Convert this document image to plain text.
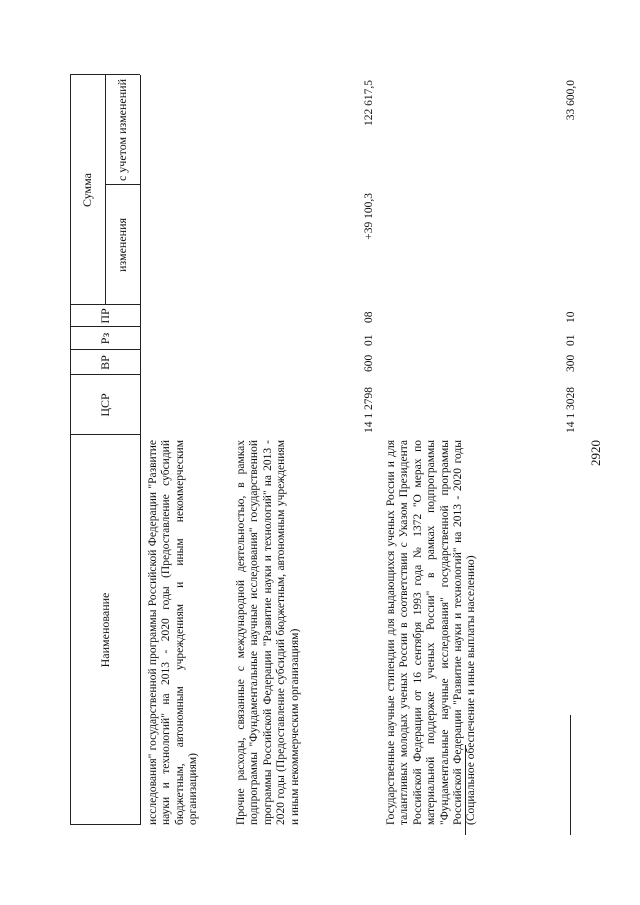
2920
Наименование
ЦСР
ВР
Рз
ПР
Сумма
изменения
с учетом изменений
исследования" государственной программы Российской Федерации "Развитие науки и технологий" на 2013 - 2020 годы (Предоставление субсидий бюджетным, автономным учреждениям и иным некоммерческим организациям)	Прочие расходы, связанные с международной деятельностью, в рамках подпрограммы "Фундаментальные научные исследования" государственной программы Российской Федерации "Развитие науки и технологий" на 2013 - 2020 годы (Предоставление субсидий бюджетным, автономным учреждениям и иным некоммерческим организациям)
14 1 2798
600
01
08
+39 100,3
122 617,5
Государственные научные стипендии для выдающихся ученых России и для талантливых молодых ученых России в соответствии с Указом Президента Российской Федерации от 16 сентября 1993 года № 1372 "О мерах по материальной поддержке ученых России" в рамках подпрограммы "Фундаментальные научные исследования" государственной программы Российской Федерации "Развитие науки и технологий" на 2013 - 2020 годы (Социальное обеспечение и иные выплаты населению)
14 1 3028
300
01
10
33 600,0
